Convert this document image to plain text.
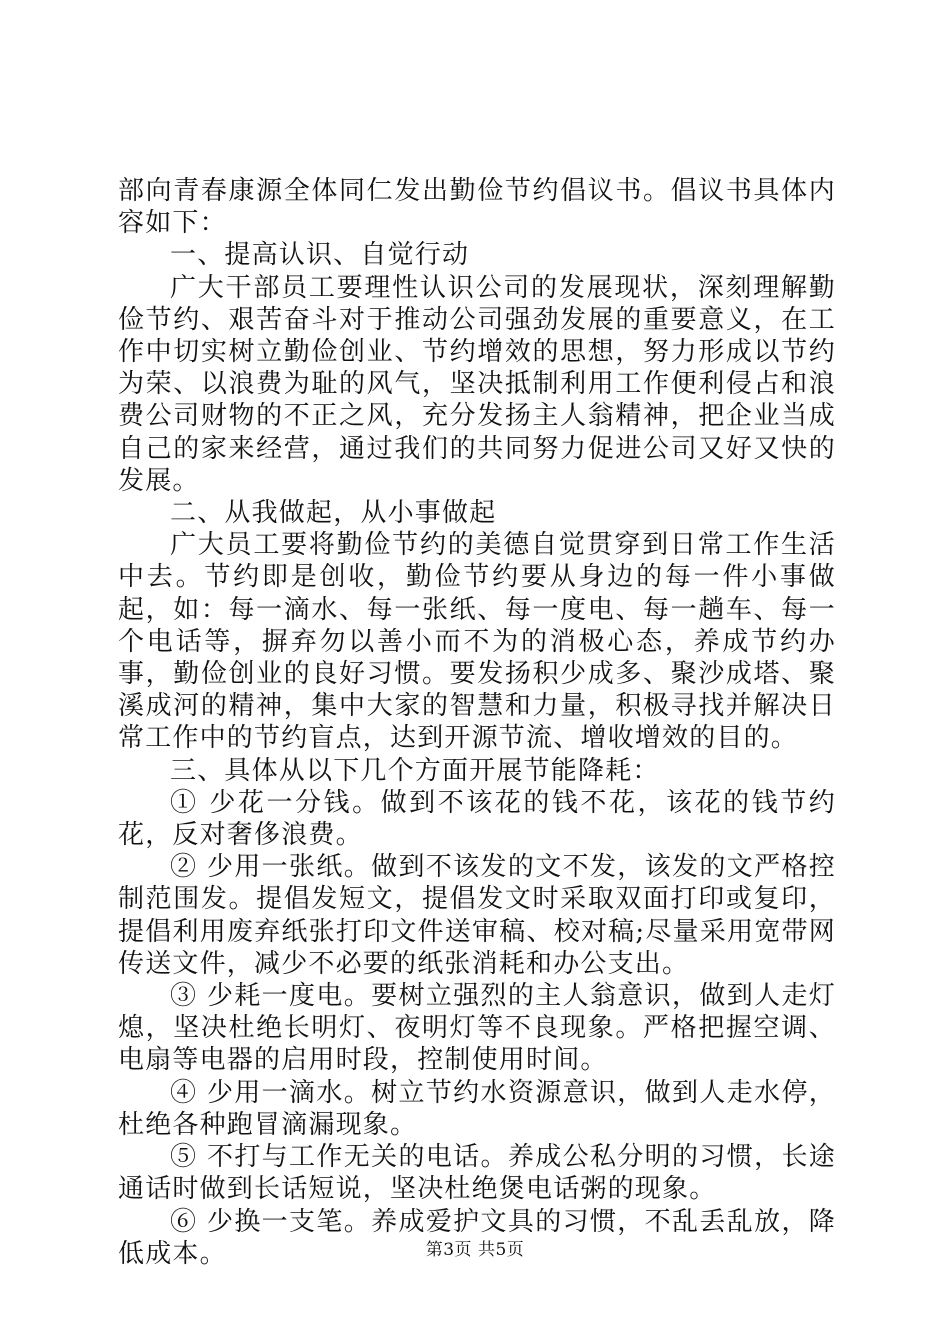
部向青春康源全体同仁发出勤俭节约倡议书。倡议书具体内容如下：

一、提高认识、自觉行动

广大干部员工要理性认识公司的发展现状，深刻理解勤俭节约、艰苦奋斗对于推动公司强劲发展的重要意义，在工作中切实树立勤俭创业、节约增效的思想，努力形成以节约为荣、以浪费为耻的风气，坚决抵制利用工作便利侵占和浪费公司财物的不正之风，充分发扬主人翁精神，把企业当成自己的家来经营，通过我们的共同努力促进公司又好又快的发展。

二、从我做起，从小事做起

广大员工要将勤俭节约的美德自觉贯穿到日常工作生活中去。节约即是创收，勤俭节约要从身边的每一件小事做起，如：每一滴水、每一张纸、每一度电、每一趟车、每一个电话等，摒弃勿以善小而不为的消极心态，养成节约办事，勤俭创业的良好习惯。要发扬积少成多、聚沙成塔、聚溪成河的精神，集中大家的智慧和力量，积极寻找并解决日常工作中的节约盲点，达到开源节流、增收增效的目的。

三、具体从以下几个方面开展节能降耗：

① 少花一分钱。做到不该花的钱不花，该花的钱节约花，反对奢侈浪费。

② 少用一张纸。做到不该发的文不发，该发的文严格控制范围发。提倡发短文，提倡发文时采取双面打印或复印，提倡利用废弃纸张打印文件送审稿、校对稿;尽量采用宽带网传送文件，减少不必要的纸张消耗和办公支出。

③ 少耗一度电。要树立强烈的主人翁意识，做到人走灯熄，坚决杜绝长明灯、夜明灯等不良现象。严格把握空调、电扇等电器的启用时段，控制使用时间。

④ 少用一滴水。树立节约水资源意识，做到人走水停，杜绝各种跑冒滴漏现象。

⑤ 不打与工作无关的电话。养成公私分明的习惯，长途通话时做到长话短说，坚决杜绝煲电话粥的现象。

⑥ 少换一支笔。养成爱护文具的习惯，不乱丢乱放，降低成本。	第3页 共5页
